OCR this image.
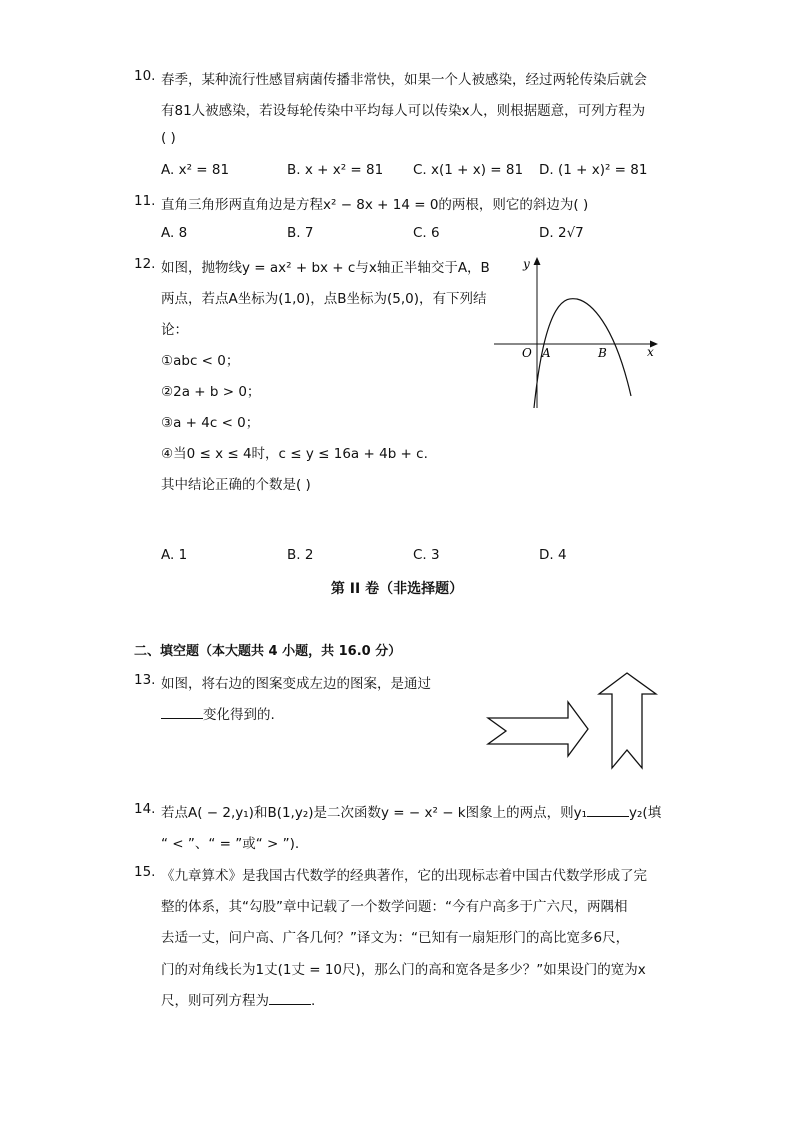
10. 春季，某种流行性感冒病菌传播非常快，如果一个人被感染，经过两轮传染后就会
有81人被感染，若设每轮传染中平均每人可以传染x人，则根据题意，可列方程为
( )
A. x² = 81	B. x + x² = 81 C. x(1 + x) = 81 D. (1 + x)² = 81
11. 直角三角形两直角边是方程x² − 8x + 14 = 0的两根，则它的斜边为( )
A. 8	B. 7	C. 6	D. 2√7
12. 如图，抛物线y = ax² + bx + c与x轴正半轴交于A，B
两点，若点A坐标为(1,0)，点B坐标为(5,0)，有下列结
论：
①abc < 0；
②2a + b > 0；
③a + 4c < 0；
④当0 ≤ x ≤ 4时，c ≤ y ≤ 16a + 4b + c.
其中结论正确的个数是( )
y
x
O A	B
A. 1	B. 2	C. 3	D. 4
第 II 卷（非选择题）
二、填空题（本大题共 4 小题，共 16.0 分）
13. 如图，将右边的图案变成左边的图案，是通过
变化得到的.
14. 若点A( − 2,y₁)和B(1,y₂)是二次函数y = − x² − k图象上的两点，则y₁	y₂(填
“ < ”、“ = ”或“ > ”).
15. 《九章算术》是我国古代数学的经典著作，它的出现标志着中国古代数学形成了完
整的体系，其“勾股”章中记载了一个数学问题：“今有户高多于广六尺，两隅相
去适一丈，问户高、广各几何？”译文为：“已知有一扇矩形门的高比宽多6尺，
门的对角线长为1丈(1丈 = 10尺)，那么门的高和宽各是多少？”如果设门的宽为x
尺，则可列方程为	.
